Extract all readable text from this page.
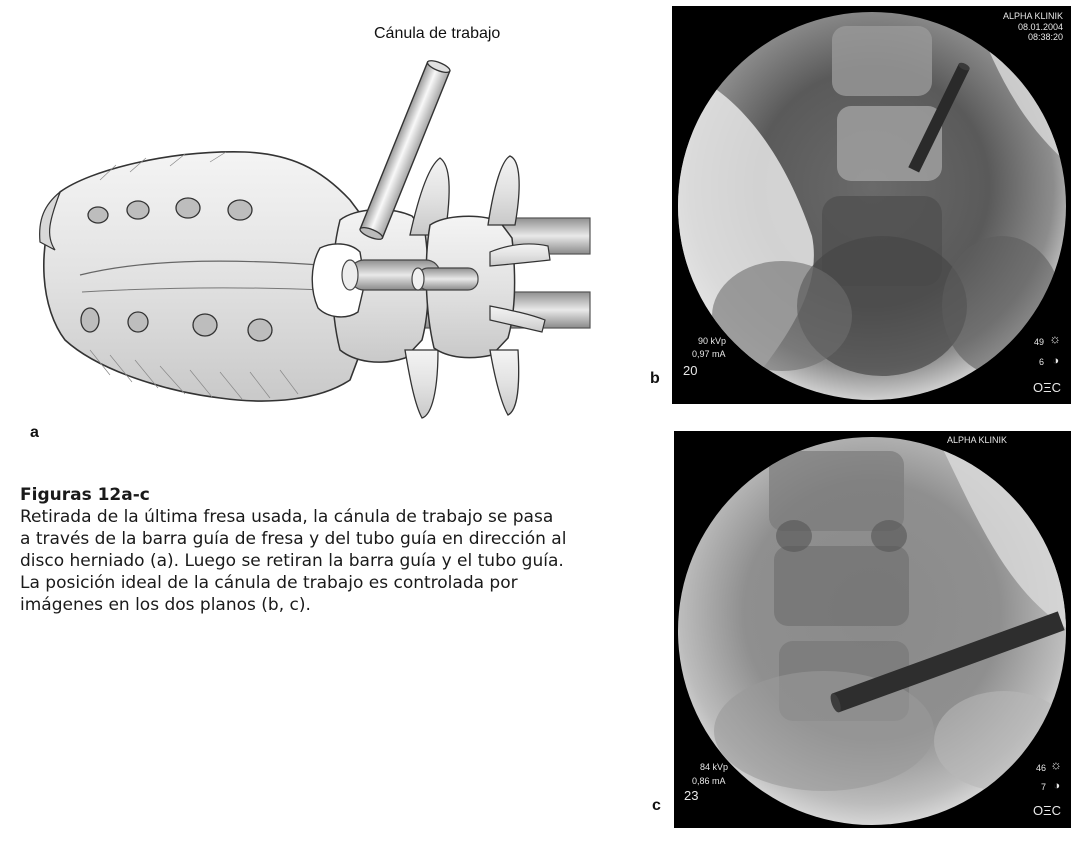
Cánula de trabajo
a
Figuras 12a-c
Retirada de la última fresa usada, la cánula de trabajo se pasa
a través de la barra guía de fresa y del tubo guía en dirección al
disco herniado (a). Luego se retiran la barra guía y el tubo guía.
La posición ideal de la cánula de trabajo es controlada por
imágenes en los dos planos (b, c).
b
ALPHA KLINIK
08.01.2004
08:38:20
90 kVp
0,97 mA
20
49 ☼
6 ◑
OΞC
c
ALPHA KLINIK
84 kVp
0,86 mA
23
46 ☼
7 ◑
OΞC
